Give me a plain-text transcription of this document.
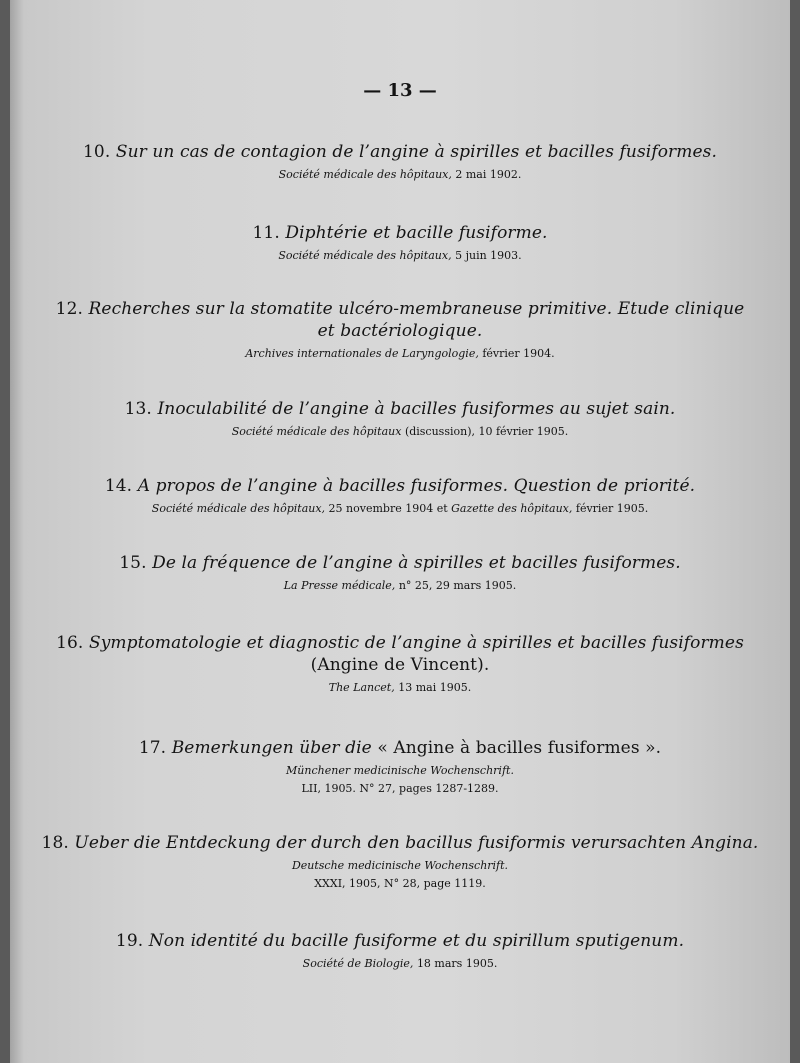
— 13 —
10. Sur un cas de contagion de l’angine à spirilles et bacilles fusiformes.
Société médicale des hôpitaux, 2 mai 1902.
11. Diphtérie et bacille fusiforme.
Société médicale des hôpitaux, 5 juin 1903.
12. Recherches sur la stomatite ulcéro-membraneuse primitive. Etude clinique
et bactériologique.
Archives internationales de Laryngologie, février 1904.
13. Inoculabilité de l’angine à bacilles fusiformes au sujet sain.
Société médicale des hôpitaux (discussion), 10 février 1905.
14. A propos de l’angine à bacilles fusiformes. Question de priorité.
Société médicale des hôpitaux, 25 novembre 1904 et Gazette des hôpitaux, février 1905.
15. De la fréquence de l’angine à spirilles et bacilles fusiformes.
La Presse médicale, n° 25, 29 mars 1905.
16. Symptomatologie et diagnostic de l’angine à spirilles et bacilles fusiformes
(Angine de Vincent).
The Lancet, 13 mai 1905.
17. Bemerkungen über die « Angine à bacilles fusiformes ».
Münchener medicinische Wochenschrift.
LII, 1905. N° 27, pages 1287-1289.
18. Ueber die Entdeckung der durch den bacillus fusiformis verursachten Angina.
Deutsche medicinische Wochenschrift.
XXXI, 1905, N° 28, page 1119.
19. Non identité du bacille fusiforme et du spirillum sputigenum.
Société de Biologie, 18 mars 1905.
